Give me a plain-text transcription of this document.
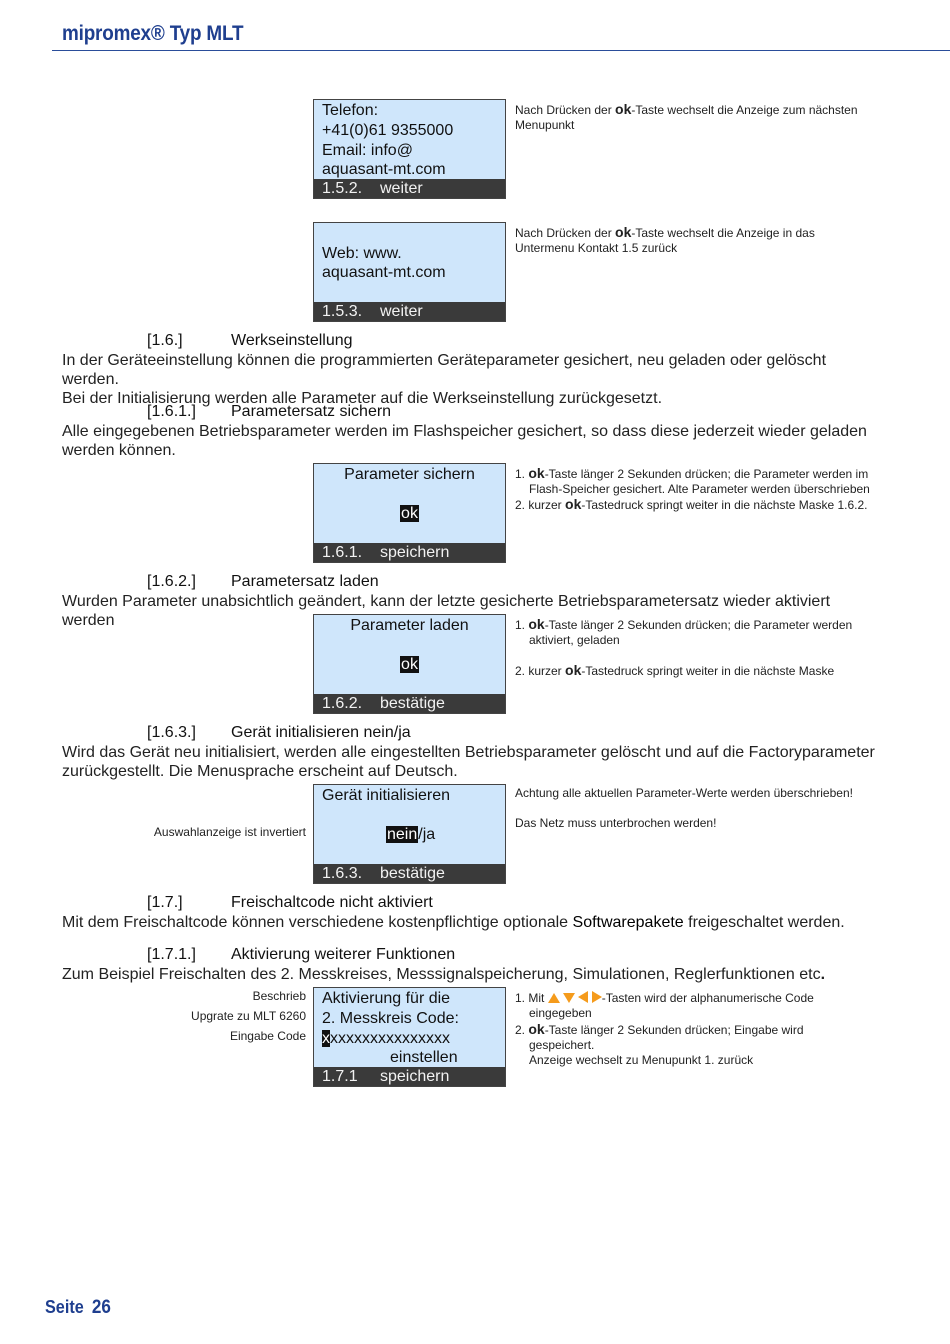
mipromex® Typ MLT
Telefon:
+41(0)61 9355000
Email: info@
aquasant-mt.com
1.5.2. weiter
Nach Drücken der ok-Taste wechselt die Anzeige zum nächsten Menupunkt
Web: www.
aquasant-mt.com
1.5.3. weiter
Nach Drücken der ok-Taste wechselt die Anzeige in das Untermenu Kontakt 1.5 zurück
[1.6.]	Werkseinstellung
In der Geräteeinstellung können die programmierten Geräteparameter gesichert, neu geladen oder gelöscht werden.
Bei der Initialisierung werden alle Parameter auf die Werkseinstellung zurückgesetzt.
[1.6.1.] Parametersatz sichern
Alle eingegebenen Betriebsparameter werden im Flashspeicher gesichert, so dass diese jederzeit wieder geladen
werden können.
Parameter sichern
ok
1.6.1. speichern
1. ok-Taste länger 2 Sekunden drücken; die Parameter werden im
Flash-Speicher gesichert. Alte Parameter werden überschrieben
2. kurzer ok-Tastedruck springt weiter in die nächste Maske 1.6.2.
[1.6.2.] Parametersatz laden
Wurden Parameter unabsichtlich geändert, kann der letzte gesicherte Betriebsparametersatz wieder aktiviert werden	Parameter laden
ok
1.6.2. bestätige
1. ok-Taste länger 2 Sekunden drücken; die Parameter werden
aktiviert, geladen
2. kurzer ok-Tastedruck springt weiter in die nächste Maske
[1.6.3.] Gerät initialisieren nein/ja
Wird das Gerät neu initialisiert, werden alle eingestellten Betriebsparameter gelöscht und auf die Factoryparameter
zurückgestellt. Die Menusprache erscheint auf Deutsch.
Auswahlanzeige ist invertiert
Gerät initialisieren
nein/ja
1.6.3. bestätige
Achtung alle aktuellen Parameter-Werte werden überschrieben!
Das Netz muss unterbrochen werden!
[1.7.]	Freischaltcode nicht aktiviert
Mit dem Freischaltcode können verschiedene kostenpflichtige optionale Softwarepakete freigeschaltet werden.
[1.7.1.] Aktivierung weiterer Funktionen
Zum Beispiel Freischalten des 2. Messkreises, Messsignalspeicherung, Simulationen, Reglerfunktionen etc.
Beschrieb
Upgrate zu MLT 6260
Eingabe Code
Aktivierung für die
2. Messkreis Code:
xxxxxxxxxxxxxxxx
einstellen
1.7.1 speichern
1. Mit	-Tasten wird der alphanumerische Code
eingegeben
2. ok-Taste länger 2 Sekunden drücken; Eingabe wird
gespeichert.
Anzeige wechselt zu Menupunkt 1. zurück
Seite 26
